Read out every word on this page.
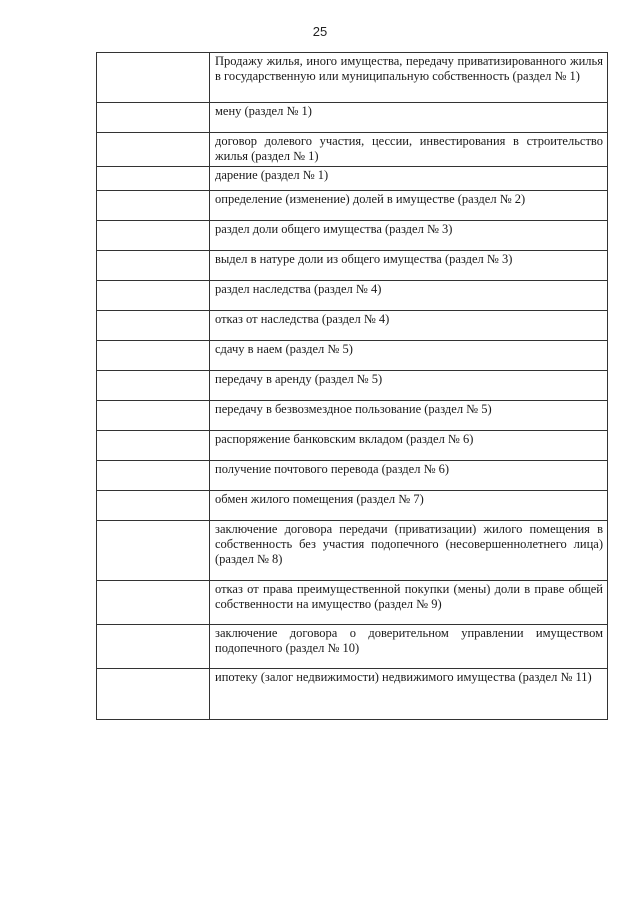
25
	Продажу жилья, иного имущества, передачу приватизированного жилья в государственную или муниципальную собственность (раздел № 1)
	мену (раздел № 1)
	договор долевого участия, цессии, инвестирования в строительство жилья (раздел № 1)
	дарение (раздел № 1)
	определение (изменение) долей в имуществе (раздел № 2)
	раздел доли общего имущества (раздел № 3)
	выдел в натуре доли из общего имущества (раздел № 3)
	раздел наследства (раздел № 4)
	отказ от наследства (раздел № 4)
	сдачу в наем (раздел № 5)
	передачу в аренду (раздел № 5)
	передачу в безвозмездное пользование (раздел № 5)
	распоряжение банковским вкладом (раздел № 6)
	получение почтового перевода (раздел № 6)
	обмен жилого помещения (раздел № 7)
	заключение договора передачи (приватизации) жилого помещения в собственность без участия подопечного (несовершеннолетнего лица) (раздел № 8)
	отказ от права преимущественной покупки (мены) доли в праве общей собственности на имущество (раздел № 9)
	заключение договора о доверительном управлении имуществом подопечного (раздел № 10)
	ипотеку (залог недвижимости) недвижимого имущества (раздел № 11)
